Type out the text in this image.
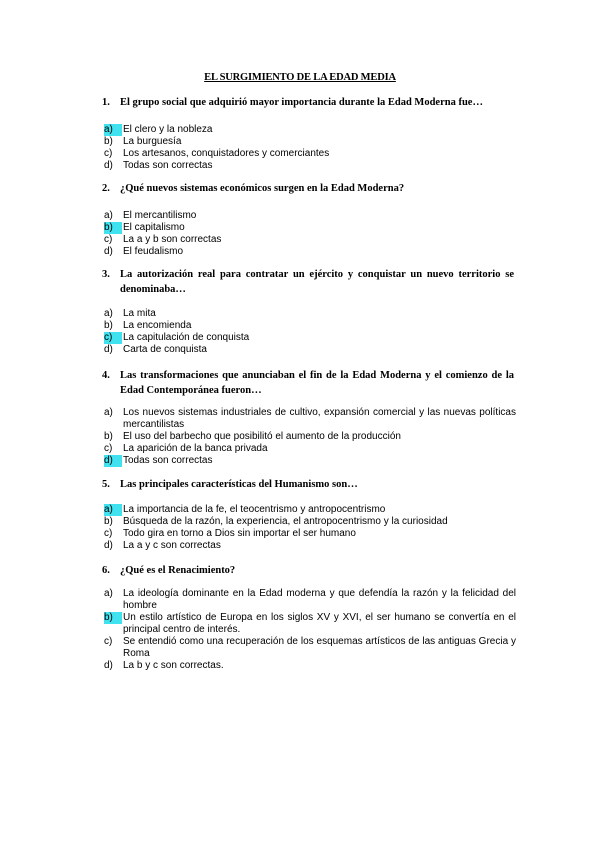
EL SURGIMIENTO DE LA EDAD MEDIA
1. El grupo social que adquirió mayor importancia durante la Edad Moderna fue…
a)	El clero y la nobleza
b)	La burguesía
c)	Los artesanos, conquistadores y comerciantes
d)	Todas son correctas
2. ¿Qué nuevos sistemas económicos surgen en la Edad Moderna?
a)	El mercantilismo
b)	El capitalismo
c)	La a y b son correctas
d)	El feudalismo
3. La autorización real para contratar un ejército y conquistar un nuevo territorio se denominaba…
a)	La mita
b)	La encomienda
c)	La capitulación de conquista
d)	Carta de conquista
4. Las transformaciones que anunciaban el fin de la Edad Moderna y el comienzo de la Edad Contemporánea fueron…
a)	Los nuevos sistemas industriales de cultivo, expansión comercial y las nuevas políticas mercantilistas
b)	El uso del barbecho que posibilitó el aumento de la producción
c)	La aparición de la banca privada
d)	Todas son correctas
5. Las principales características del Humanismo son…
a)	La importancia de la fe, el teocentrismo y antropocentrismo
b)	Búsqueda de la razón, la experiencia, el antropocentrismo y la curiosidad
c)	Todo gira en torno a Dios sin importar el ser humano
d)	La a y c son correctas
6. ¿Qué es el Renacimiento?
a)	La ideología dominante en la Edad moderna y que defendía la razón y la felicidad del hombre
b)	Un estilo artístico de Europa en los siglos XV y XVI, el ser humano se convertía en el principal centro de interés.
c)	Se entendió como una recuperación de los esquemas artísticos de las antiguas Grecia y Roma
d)	La b y c son correctas.
